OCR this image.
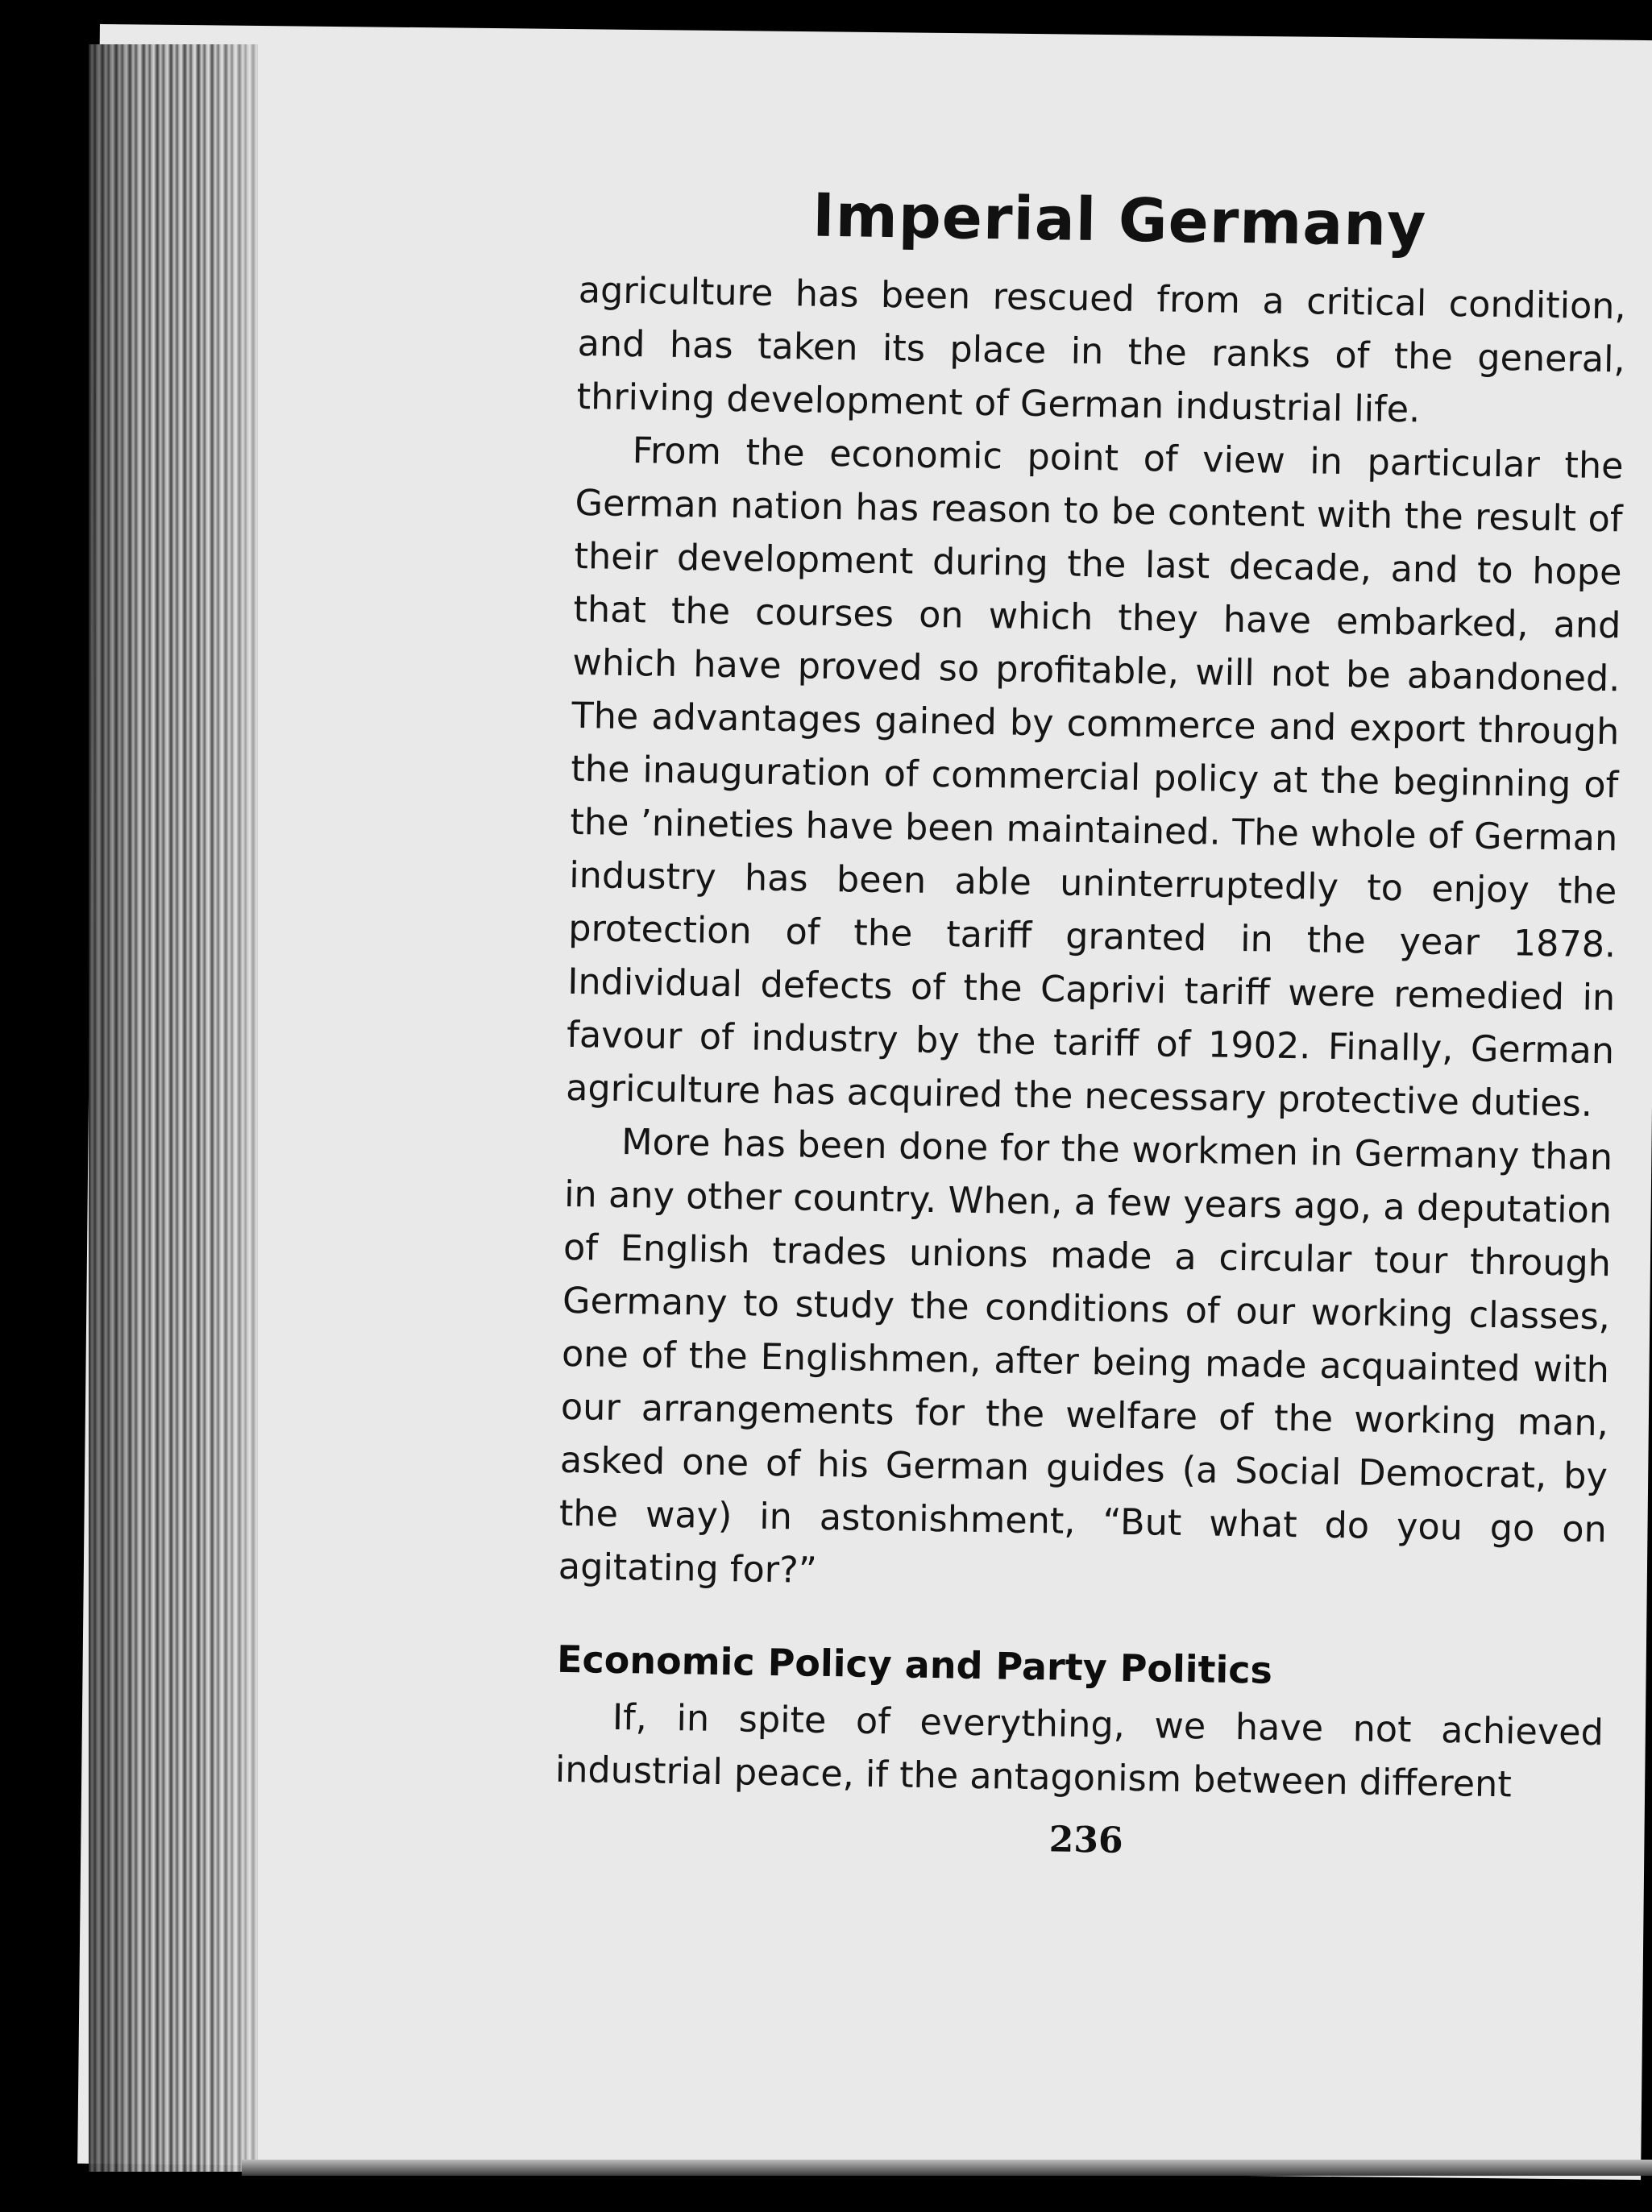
Imperial Germany

agriculture has been rescued from a critical condition, and has taken its place in the ranks of the general, thriving development of German industrial life.

From the economic point of view in particular the German nation has reason to be content with the result of their development during the last decade, and to hope that the courses on which they have embarked, and which have proved so profitable, will not be abandoned. The advantages gained by commerce and export through the inauguration of commercial policy at the beginning of the ’nineties have been maintained. The whole of German industry has been able uninterruptedly to enjoy the protection of the tariff granted in the year 1878. Individual defects of the Caprivi tariff were remedied in favour of industry by the tariff of 1902. Finally, German agriculture has acquired the necessary protective duties.

More has been done for the workmen in Germany than in any other country. When, a few years ago, a deputation of English trades unions made a circular tour through Germany to study the conditions of our working classes, one of the Englishmen, after being made acquainted with our arrangements for the welfare of the working man, asked one of his German guides (a Social Democrat, by the way) in astonishment, “But what do you go on agitating for?”

Economic Policy and Party Politics

If, in spite of everything, we have not achieved industrial peace, if the antagonism between different

236
